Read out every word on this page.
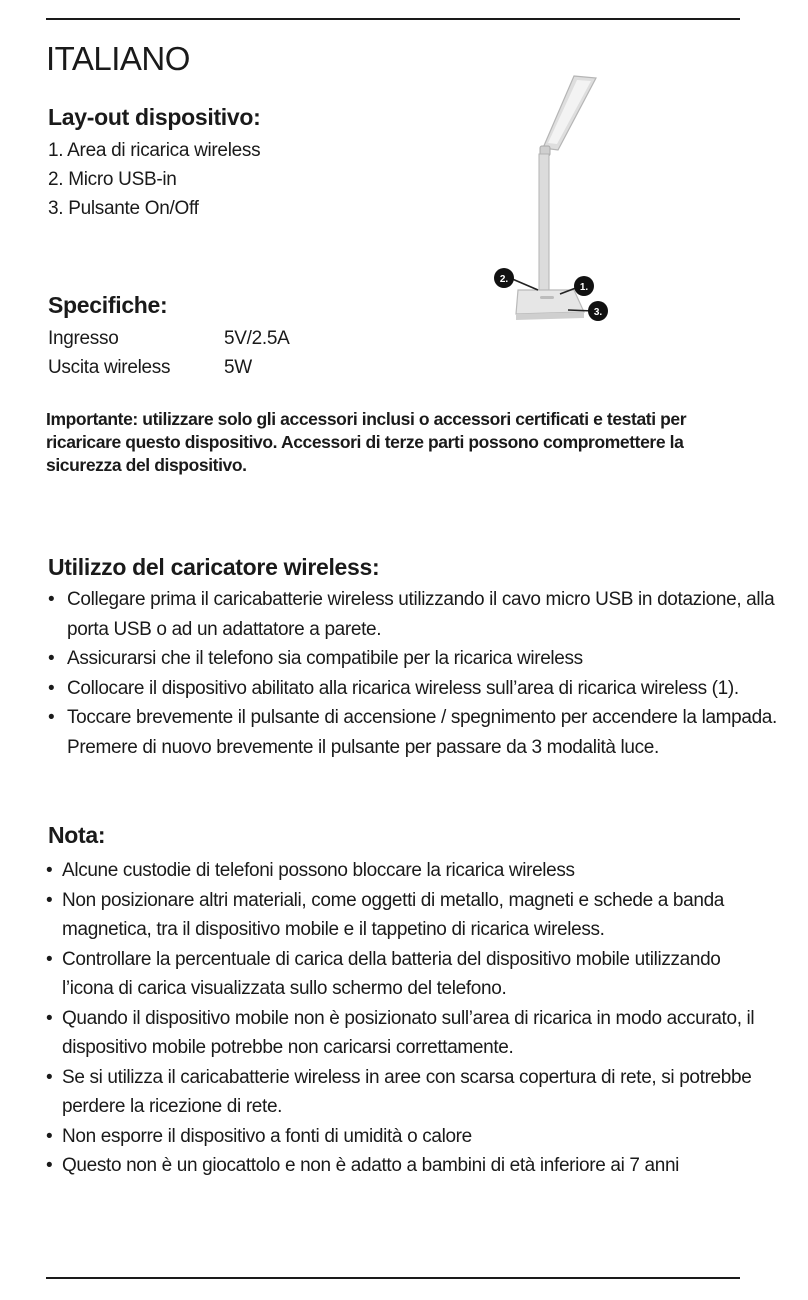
ITALIANO
Lay-out dispositivo:
1. Area di ricarica wireless
2. Micro USB-in
3. Pulsante On/Off
2.
1.
3.
Specifiche:
Ingresso	5V/2.5A
Uscita wireless	5W

Importante: utilizzare solo gli accessori inclusi o accessori certificati e testati per ricaricare questo dispositivo. Accessori di terze parti possono compromettere la sicurezza del dispositivo.

Utilizzo del caricatore wireless:
• Collegare prima il caricabatterie wireless utilizzando il cavo micro USB in dotazione, alla porta USB o ad un adattatore a parete.
• Assicurarsi che il telefono sia compatibile per la ricarica wireless
• Collocare il dispositivo abilitato alla ricarica wireless sull’area di ricarica wireless (1).
• Toccare brevemente il pulsante di accensione / spegnimento per accendere la lampada. Premere di nuovo brevemente il pulsante per passare da 3 modalità luce.
Nota:
• Alcune custodie di telefoni possono bloccare la ricarica wireless
• Non posizionare altri materiali, come oggetti di metallo, magneti e schede a banda magnetica, tra il dispositivo mobile e il tappetino di ricarica wireless.
• Controllare la percentuale di carica della batteria del dispositivo mobile utilizzando l’icona di carica visualizzata sullo schermo del telefono.
• Quando il dispositivo mobile non è posizionato sull’area di ricarica in modo accurato, il dispositivo mobile potrebbe non caricarsi correttamente.
• Se si utilizza il caricabatterie wireless in aree con scarsa copertura di rete, si potrebbe perdere la ricezione di rete.
• Non esporre il dispositivo a fonti di umidità o calore
• Questo non è un giocattolo e non è adatto a bambini di età inferiore ai 7 anni
